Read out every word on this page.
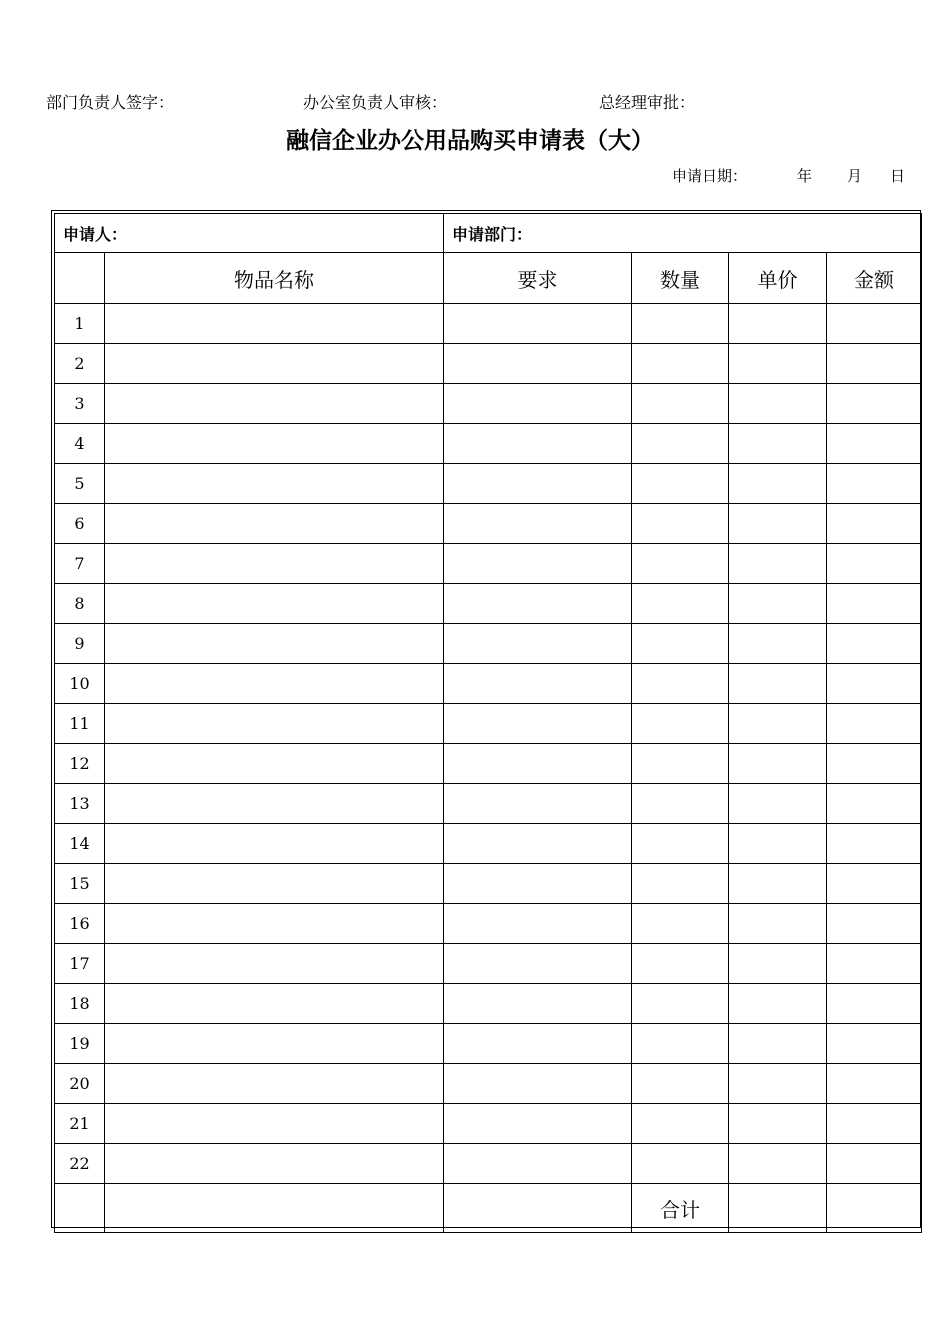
部门负责人签字：	办公室负责人审核：	总经理审批：
融信企业办公用品购买申请表（大）
申请日期：	年 月 日
申请人：		申请部门：			
	物品名称	要求	数量	单价	金额
1					
2					
3					
4					
5					
6					
7					
8					
9					
10					
11					
12					
13					
14					
15					
16					
17					
18					
19					
20					
21					
22					
			合计		
